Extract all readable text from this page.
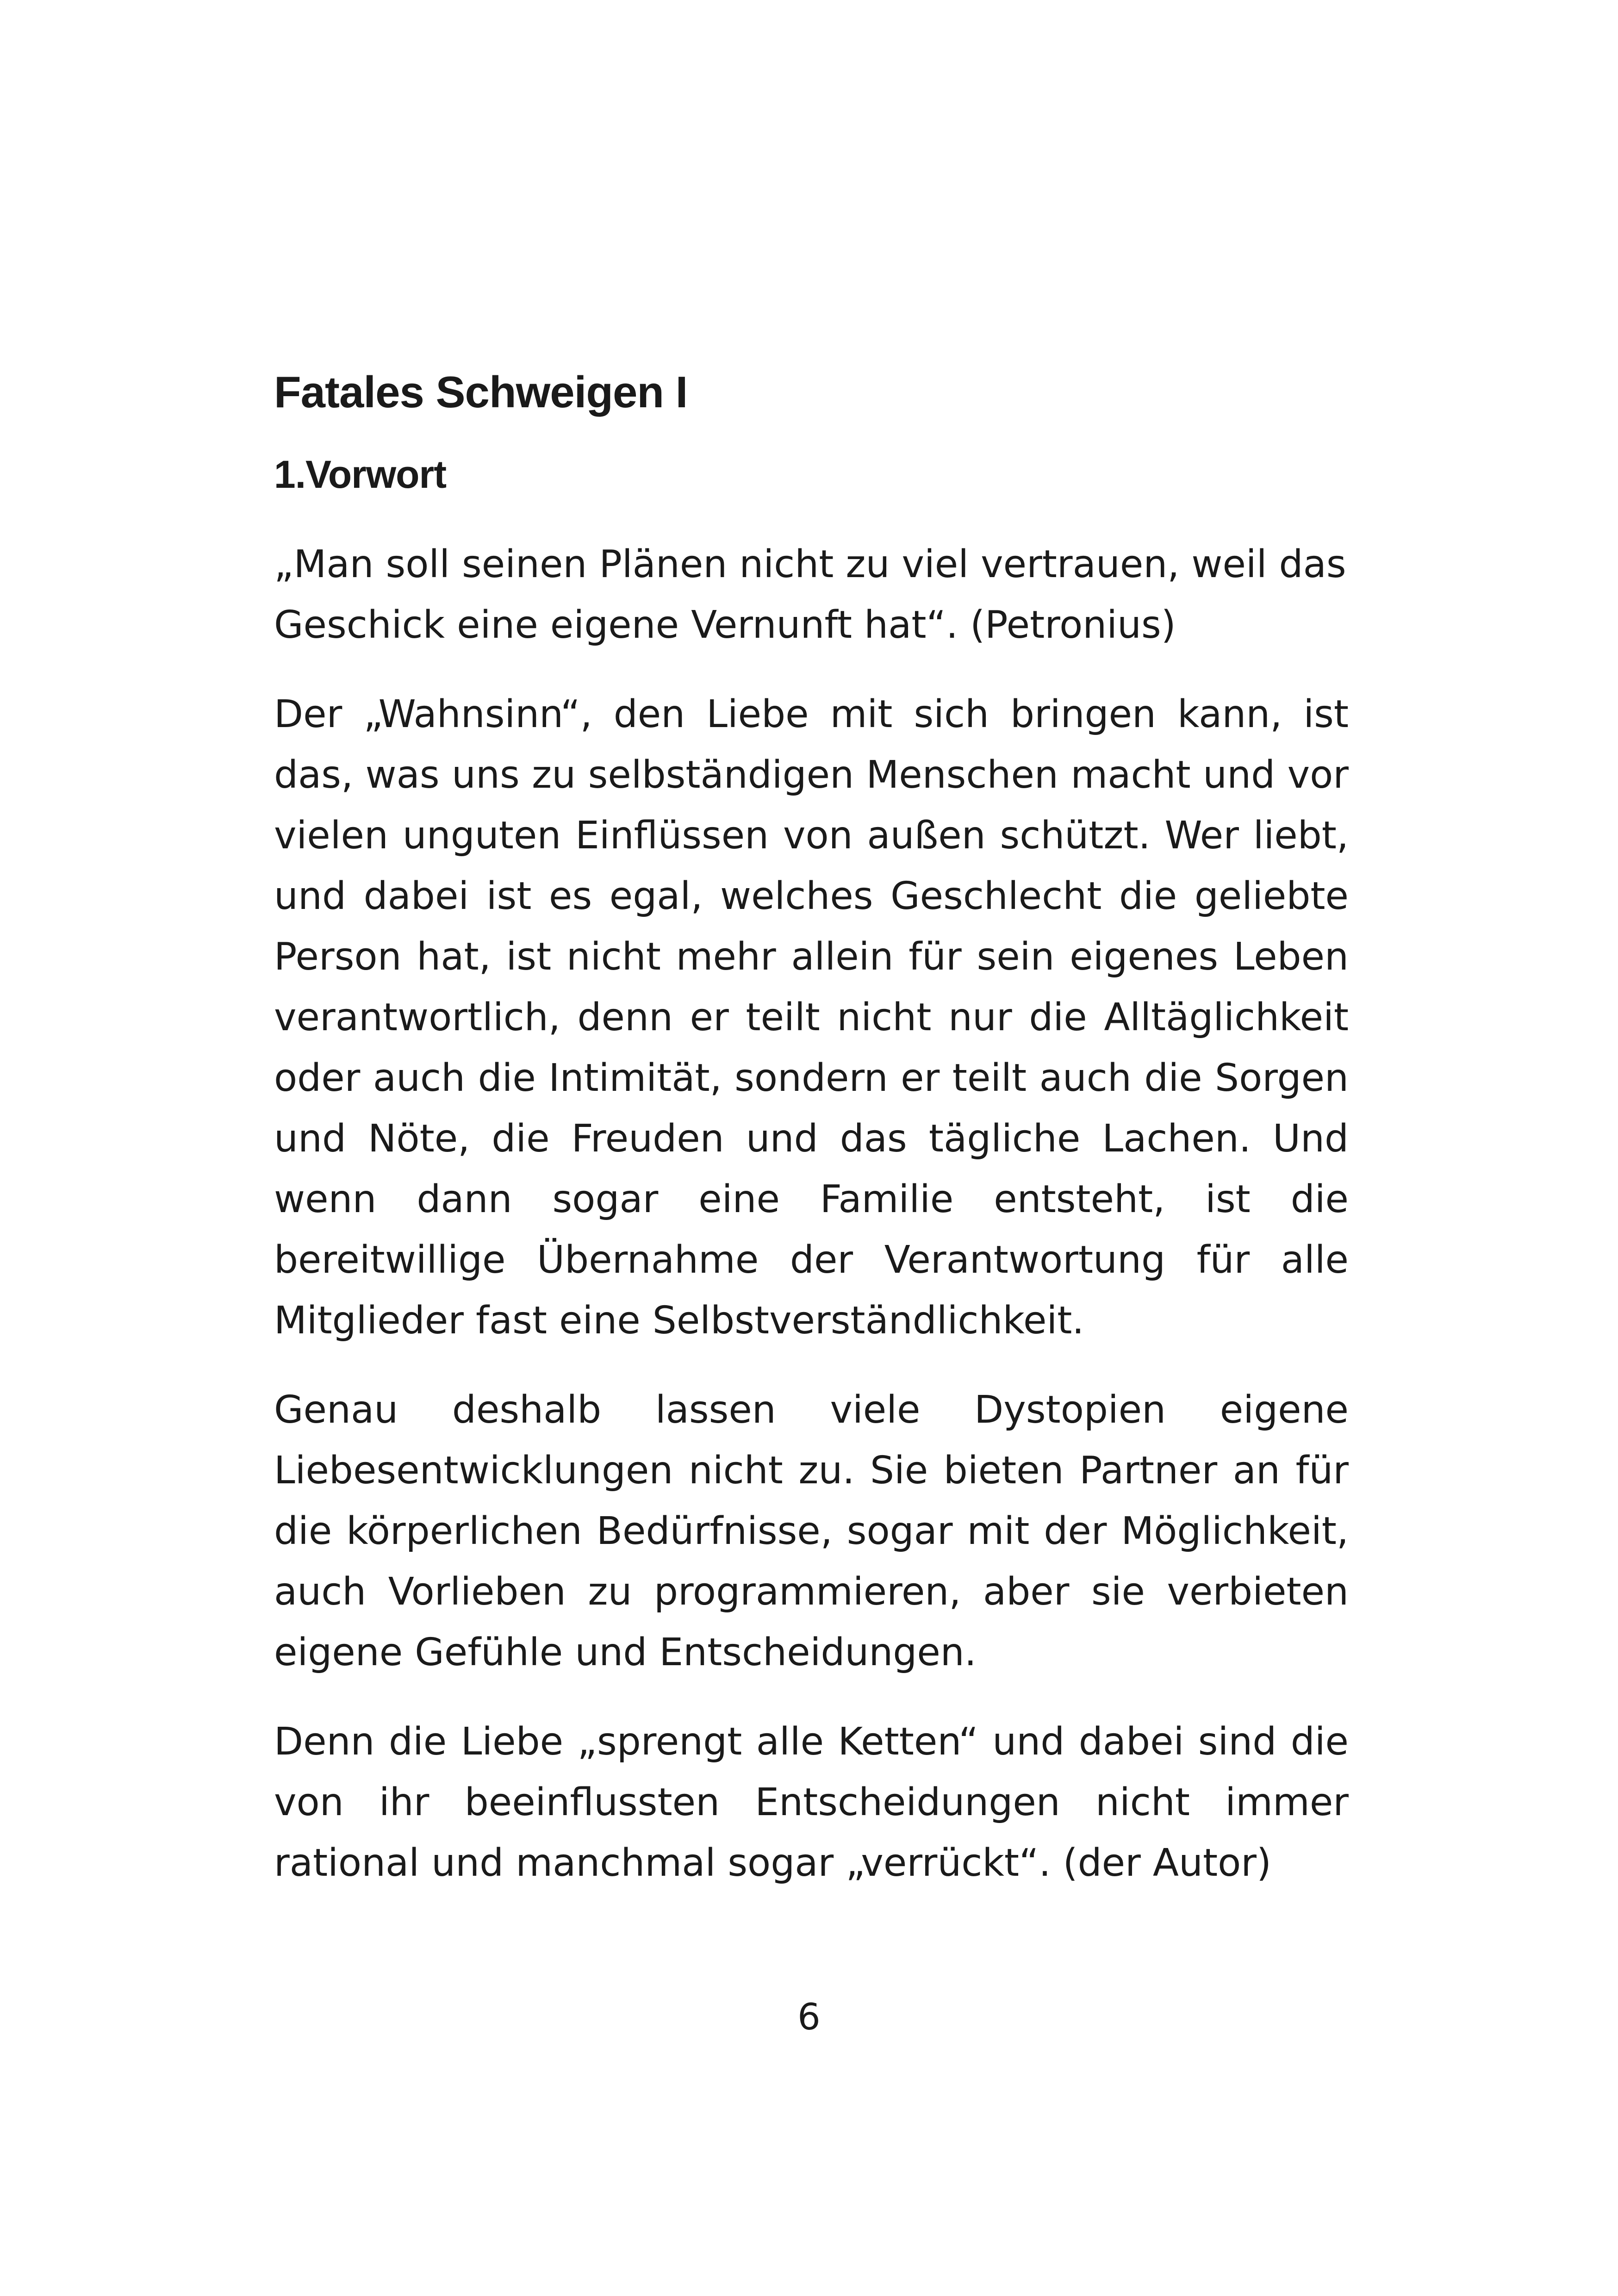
Fatales Schweigen I
1.Vorwort

„Man soll seinen Plänen nicht zu viel vertrauen, weil das Geschick eine eigene Vernunft hat“. (Petronius)

Der „Wahnsinn“, den Liebe mit sich bringen kann, ist das, was uns zu selbständigen Menschen macht und vor vielen unguten Einflüssen von außen schützt. Wer liebt, und dabei ist es egal, welches Geschlecht die geliebte Person hat, ist nicht mehr allein für sein eigenes Leben verantwortlich, denn er teilt nicht nur die Alltäglichkeit oder auch die Intimität, sondern er teilt auch die Sorgen und Nöte, die Freuden und das tägliche Lachen. Und wenn dann sogar eine Familie entsteht, ist die bereitwillige Übernahme der Verantwortung für alle Mitglieder fast eine Selbstverständlichkeit.

Genau deshalb lassen viele Dystopien eigene Liebesentwicklungen nicht zu. Sie bieten Partner an für die körperlichen Bedürfnisse, sogar mit der Möglichkeit, auch Vorlieben zu programmieren, aber sie verbieten eigene Gefühle und Entscheidungen.

Denn die Liebe „sprengt alle Ketten“ und dabei sind die von ihr beeinflussten Entscheidungen nicht immer rational und manchmal sogar „verrückt“. (der Autor)

6
